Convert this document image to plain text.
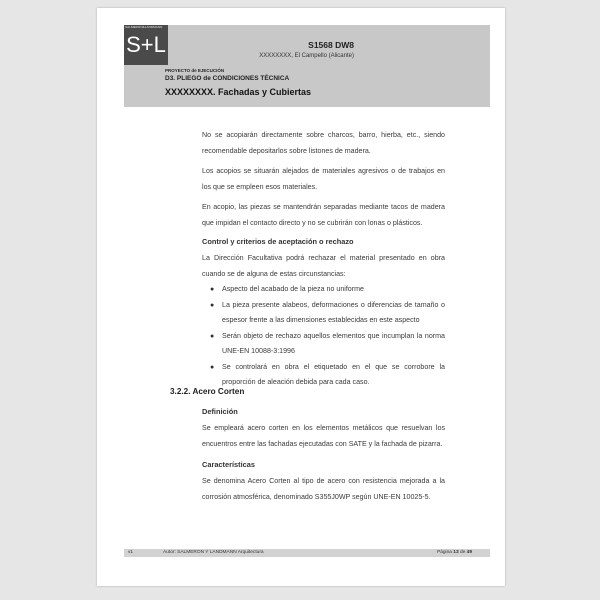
SALMERON&LANDMANN
S+L	S1568 DW8
XXXXXXXX, El Campello (Alicante)
PROYECTO de EJECUCIÓN
D3. PLIEGO de CONDICIONES TÉCNICA
XXXXXXXX. Fachadas y Cubiertas

No se acopiarán directamente sobre charcos, barro, hierba, etc., siendo recomendable depositarlos sobre listones de madera.

Los acopios se situarán alejados de materiales agresivos o de trabajos en los que se empleen esos materiales.

En acopio, las piezas se mantendrán separadas mediante tacos de madera que impidan el contacto directo y no se cubrirán con lonas o plásticos.

Control y criterios de aceptación o rechazo

La Dirección Facultativa podrá rechazar el material presentado en obra cuando se de alguna de estas circunstancias:

● Aspecto del acabado de la pieza no uniforme
● La pieza presente alabeos, deformaciones o diferencias de tamaño o espesor frente a las dimensiones establecidas en este aspecto
● Serán objeto de rechazo aquellos elementos que incumplan la norma UNE-EN 10088-3:1996
● Se controlará en obra el etiquetado en el que se corrobore la proporción de aleación debida para cada caso.
3.2.2. Acero Corten
Definición

Se empleará acero corten en los elementos metálicos que resuelvan los encuentros entre las fachadas ejecutadas con SATE y la fachada de pizarra.

Características

Se denomina Acero Corten al tipo de acero con resistencia mejorada a la corrosión atmosférica, denominado S355J0WP según UNE-EN 10025-5.

v1	Autor: SALMERON Y LANDMANN Arquitectura	Página 13 de 49
